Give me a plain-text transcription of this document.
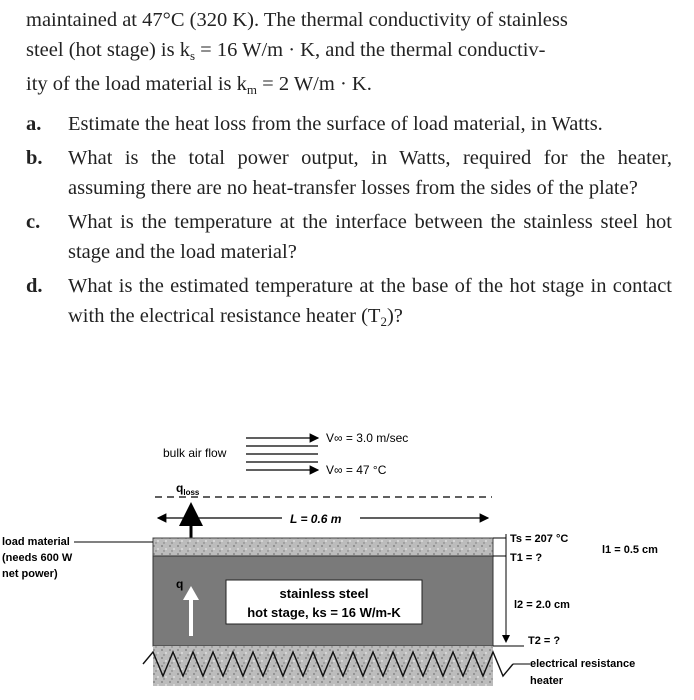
maintained at 47°C (320 K). The thermal conductivity of stainless
steel (hot stage) is $k_s = 16$ W/m · K, and the thermal conductiv-
ity of the load material is $k_m = 2$ W/m · K.
a.	Estimate the heat loss from the surface of load material, in Watts.
b.	What is the total power output, in Watts, required for the heater, assuming there are no heat-transfer losses from the sides of the plate?
c.	What is the temperature at the interface between the stainless steel hot stage and the load material?
d.	What is the estimated temperature at the base of the hot stage in contact with the electrical resistance heater $(T_2)$?
bulk air flow
V∞ = 3.0 m/sec
V∞ = 47 °C
$q_{loss}$
L = 0.6 m
load material (needs 600 W net power)
q
stainless steel
hot stage, ks = 16 W/m-K
Ts = 207 °C
T1 = ?
l1 = 0.5 cm
l2 = 2.0 cm
T2 = ?
electrical resistance heater
